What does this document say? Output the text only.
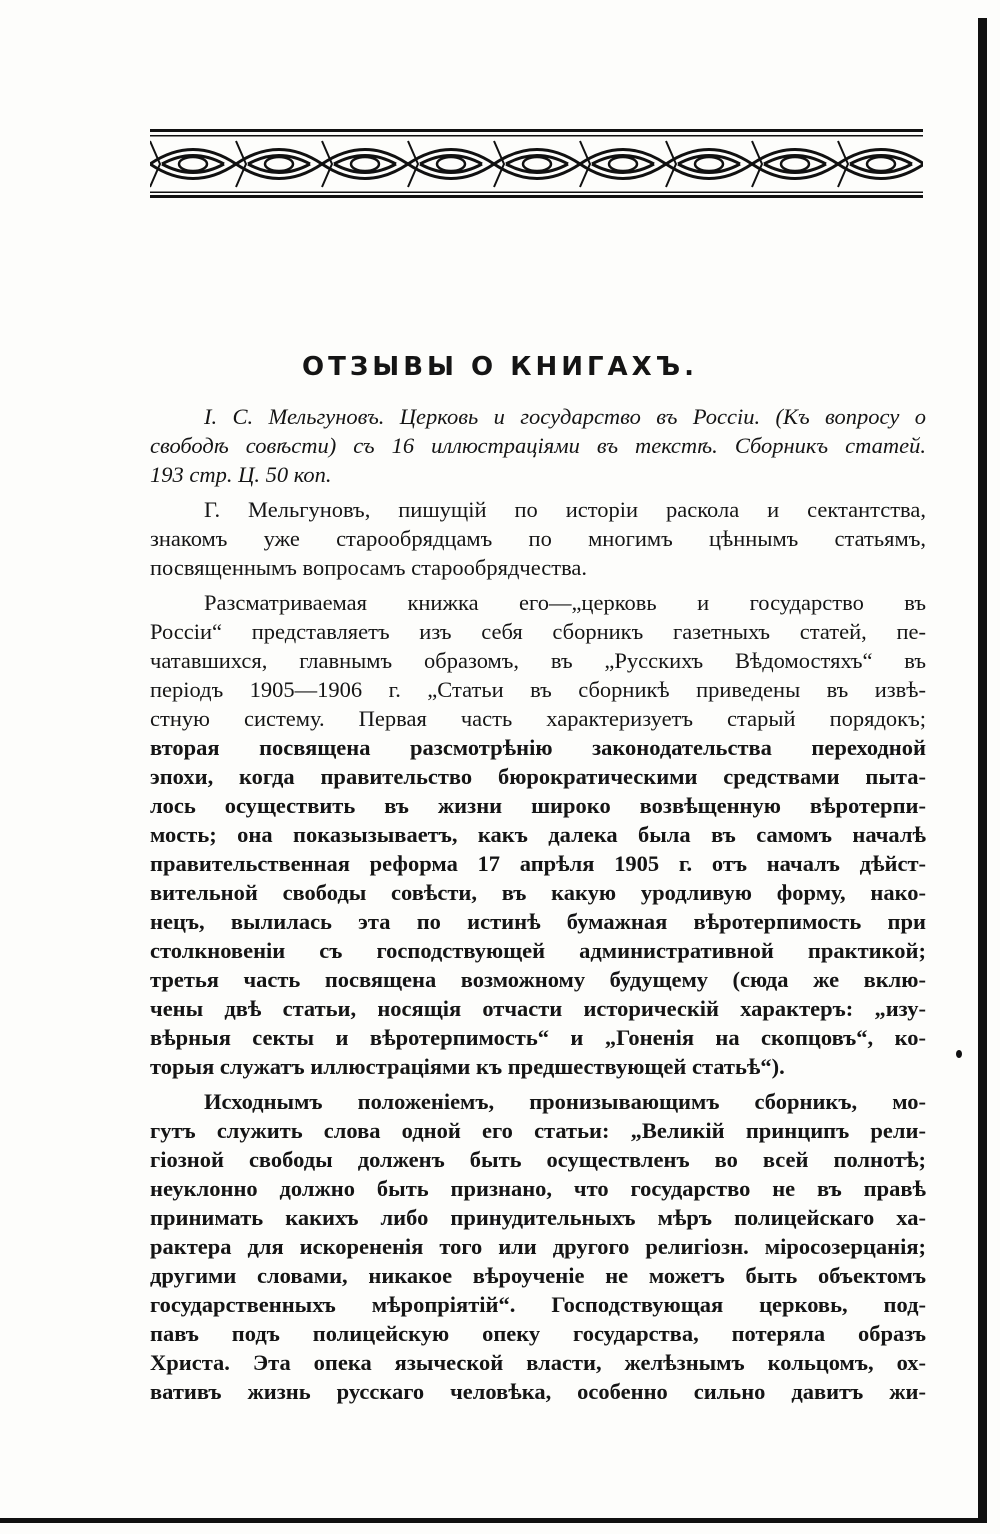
ОТЗЫВЫ О КНИГАХЪ.
I. С. Мельгуновъ. Церковь и государство въ Россіи. (Къ вопросу о
свободѣ совѣсти) съ 16 иллюстраціями въ текстѣ. Сборникъ статей.
193 стр. Ц. 50 коп.
Г. Мельгуновъ, пишущій по исторіи раскола и сектантства,
знакомъ уже старообрядцамъ по многимъ цѣннымъ статьямъ,
посвященнымъ вопросамъ старообрядчества.
Разсматриваемая книжка его—„церковь и государство въ
Россіи“ представляетъ изъ себя сборникъ газетныхъ статей, пе-
чатавшихся, главнымъ образомъ, въ „Русскихъ Вѣдомостяхъ“ въ
періодъ 1905—1906 г. „Статьи въ сборникѣ приведены въ извѣ-
стную систему. Первая часть характеризуетъ старый порядокъ;
вторая посвящена разсмотрѣнію законодательства переходной
эпохи, когда правительство бюрократическими средствами пыта-
лось осуществить въ жизни широко возвѣщенную вѣротерпи-
мость; она показызываетъ, какъ далека была въ самомъ началѣ
правительственная реформа 17 апрѣля 1905 г. отъ началъ дѣйст-
вительной свободы совѣсти, въ какую уродливую форму, нако-
нецъ, вылилась эта по истинѣ бумажная вѣротерпимость при
столкновеніи съ господствующей административной практикой;
третья часть посвящена возможному будущему (сюда же вклю-
чены двѣ статьи, носящія отчасти историческій характеръ: „изу-
вѣрныя секты и вѣротерпимость“ и „Гоненія на скопцовъ“, ко-
торыя служатъ иллюстраціями къ предшествующей статьѣ“).
Исходнымъ положеніемъ, пронизывающимъ сборникъ, мо-
гутъ служить слова одной его статьи: „Великій принципъ рели-
гіозной свободы долженъ быть осуществленъ во всей полнотѣ;
неуклонно должно быть признано, что государство не въ правѣ
принимать какихъ либо принудительныхъ мѣръ полицейскаго ха-
рактера для искорененія того или другого религіозн. міросозерцанія;
другими словами, никакое вѣроученіе не можетъ быть объектомъ
государственныхъ мѣропріятій“. Господствующая церковь, под-
павъ подъ полицейскую опеку государства, потеряла образъ
Христа. Эта опека языческой власти, желѣзнымъ кольцомъ, ох-
вативъ жизнь русскаго человѣка, особенно сильно давитъ жи-
